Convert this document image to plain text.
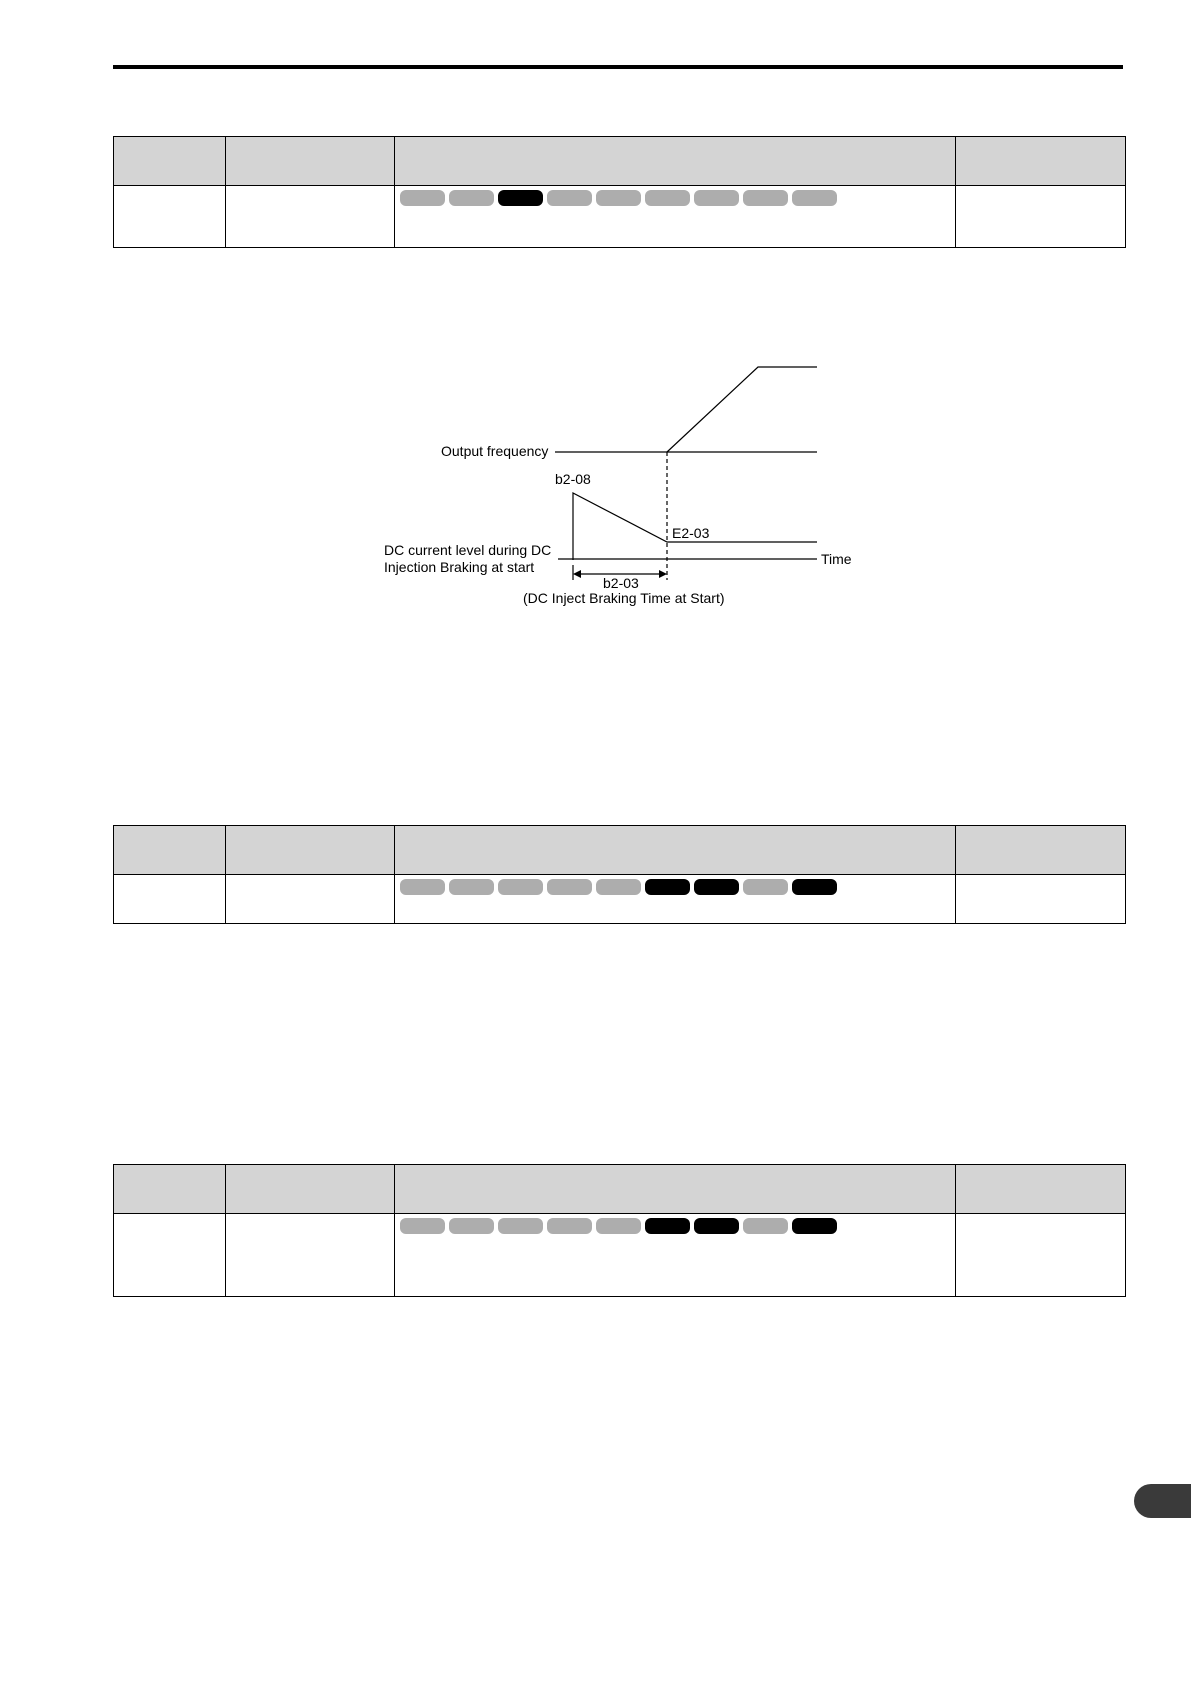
Output frequency
b2-08
E2-03
DC current level during DC
Injection Braking at start	Time
b2-03
(DC Inject Braking Time at Start)
